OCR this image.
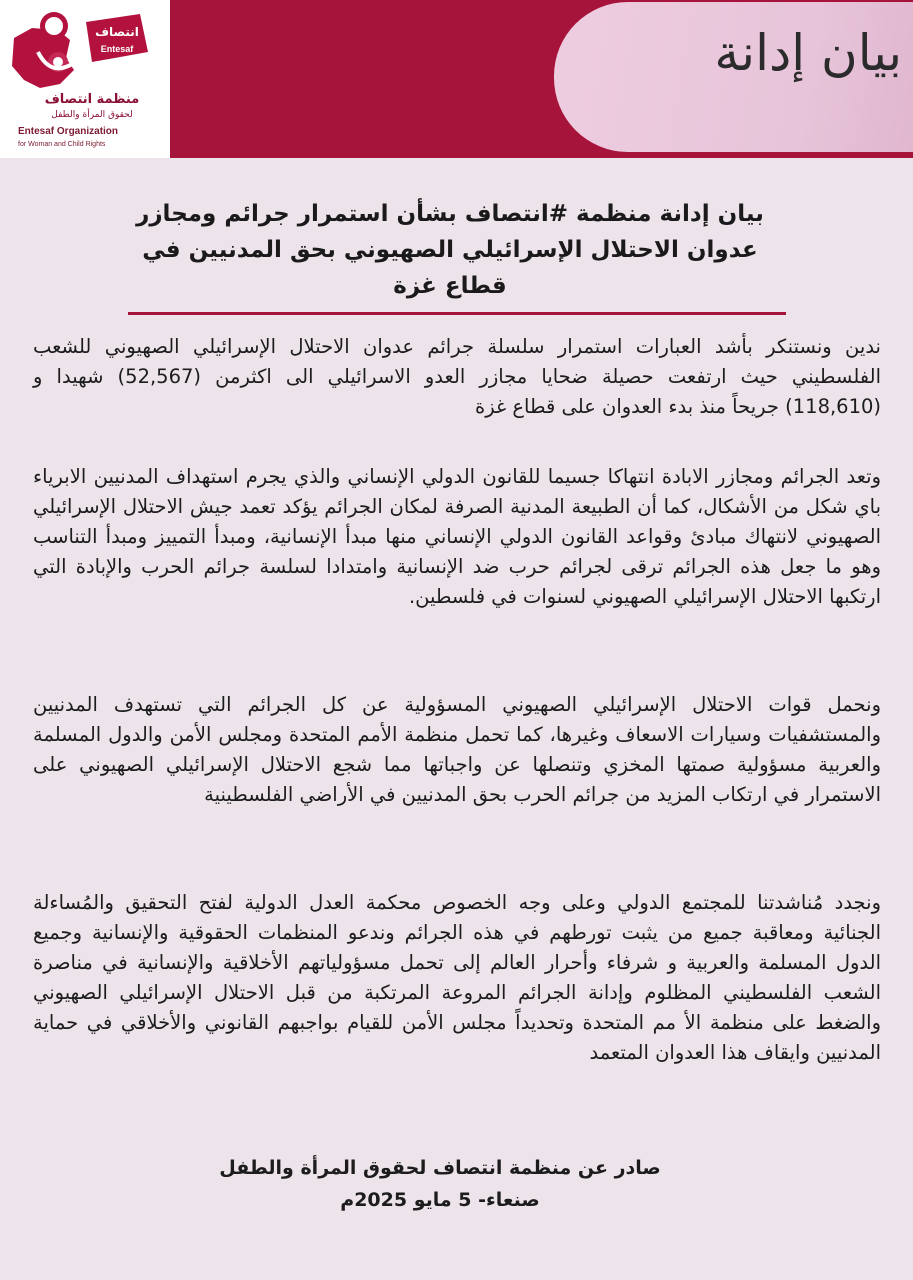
انتصاف
Entesaf
منظمة انتصاف
لحقوق المرأة والطفل
Entesaf Organization
for Woman and Child Rights
بيان إدانة
بيان إدانة منظمة #انتصاف بشأن استمرار جرائم ومجازر عدوان الاحتلال الإسرائيلي الصهيوني بحق المدنيين في قطاع غزة
ندين ونستنكر بأشد العبارات استمرار سلسلة جرائم عدوان الاحتلال الإسرائيلي الصهيوني للشعب الفلسطيني حيث ارتفعت حصيلة ضحايا مجازر العدو الاسرائيلي الى اكثرمن (52,567) شهيدا و (118,610) جريحاً منذ بدء العدوان على قطاع غزة
وتعد الجرائم ومجازر الابادة انتهاكا جسيما للقانون الدولي الإنساني والذي يجرم استهداف المدنيين الابرياء باي شكل من الأشكال، كما أن الطبيعة المدنية الصرفة لمكان الجرائم يؤكد تعمد جيش الاحتلال الإسرائيلي الصهيوني لانتهاك مبادئ وقواعد القانون الدولي الإنساني منها مبدأ الإنسانية، ومبدأ التمييز ومبدأ التناسب وهو ما جعل هذه الجرائم ترقى لجرائم حرب ضد الإنسانية وامتدادا لسلسة جرائم الحرب والإبادة التي ارتكبها الاحتلال الإسرائيلي الصهيوني لسنوات في فلسطين.
ونحمل قوات الاحتلال الإسرائيلي الصهيوني المسؤولية عن كل الجرائم التي تستهدف المدنيين والمستشفيات وسيارات الاسعاف وغيرها، كما تحمل منظمة الأمم المتحدة ومجلس الأمن والدول المسلمة والعربية مسؤولية صمتها المخزي وتنصلها عن واجباتها مما شجع الاحتلال الإسرائيلي الصهيوني على الاستمرار في ارتكاب المزيد من جرائم الحرب بحق المدنيين في الأراضي الفلسطينية
ونجدد مُناشدتنا للمجتمع الدولي وعلى وجه الخصوص محكمة العدل الدولية لفتح التحقيق والمُساءلة الجنائية ومعاقبة جميع من يثبت تورطهم في هذه الجرائم وندعو المنظمات الحقوقية والإنسانية وجميع الدول المسلمة والعربية و شرفاء وأحرار العالم إلى تحمل مسؤولياتهم الأخلاقية والإنسانية في مناصرة الشعب الفلسطيني المظلوم وإدانة الجرائم المروعة المرتكبة من قبل الاحتلال الإسرائيلي الصهيوني والضغط على منظمة الأ مم المتحدة وتحديداً مجلس الأمن للقيام بواجبهم القانوني والأخلاقي في حماية المدنيين وايقاف هذا العدوان المتعمد
صادر عن منظمة انتصاف لحقوق المرأة والطفل
صنعاء- 5 مايو 2025م
